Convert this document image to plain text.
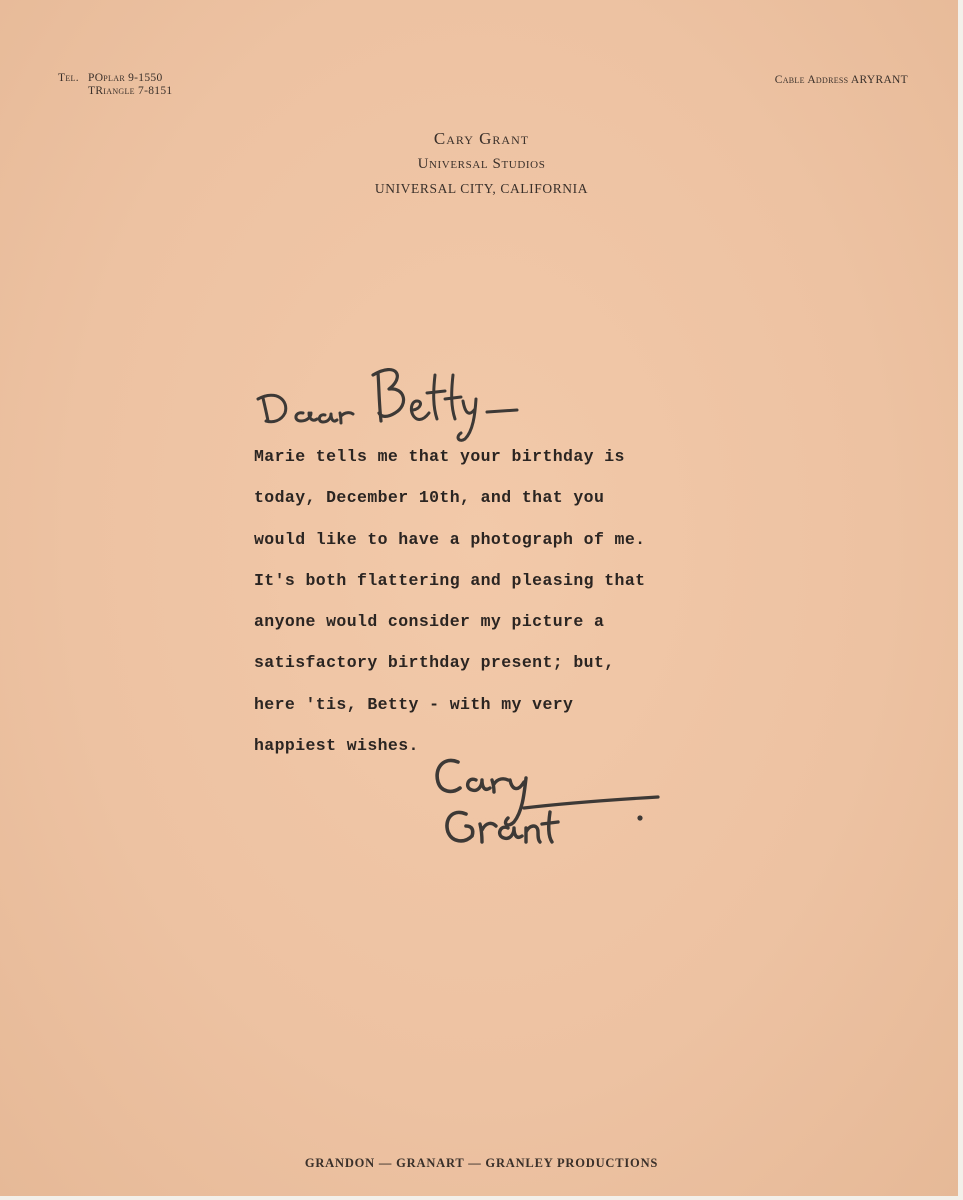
Tel. POplar 9-1550
TRiangle 7-8151
Cable Address ARYRANT
Cary Grant
Universal Studios
UNIVERSAL CITY, CALIFORNIA
Marie tells me that your birthday is
today, December 10th, and that you
would like to have a photograph of me.
It's both flattering and pleasing that
anyone would consider my picture a
satisfactory birthday present; but,
here 'tis, Betty - with my very
happiest wishes.
GRANDON — GRANART — GRANLEY PRODUCTIONS
